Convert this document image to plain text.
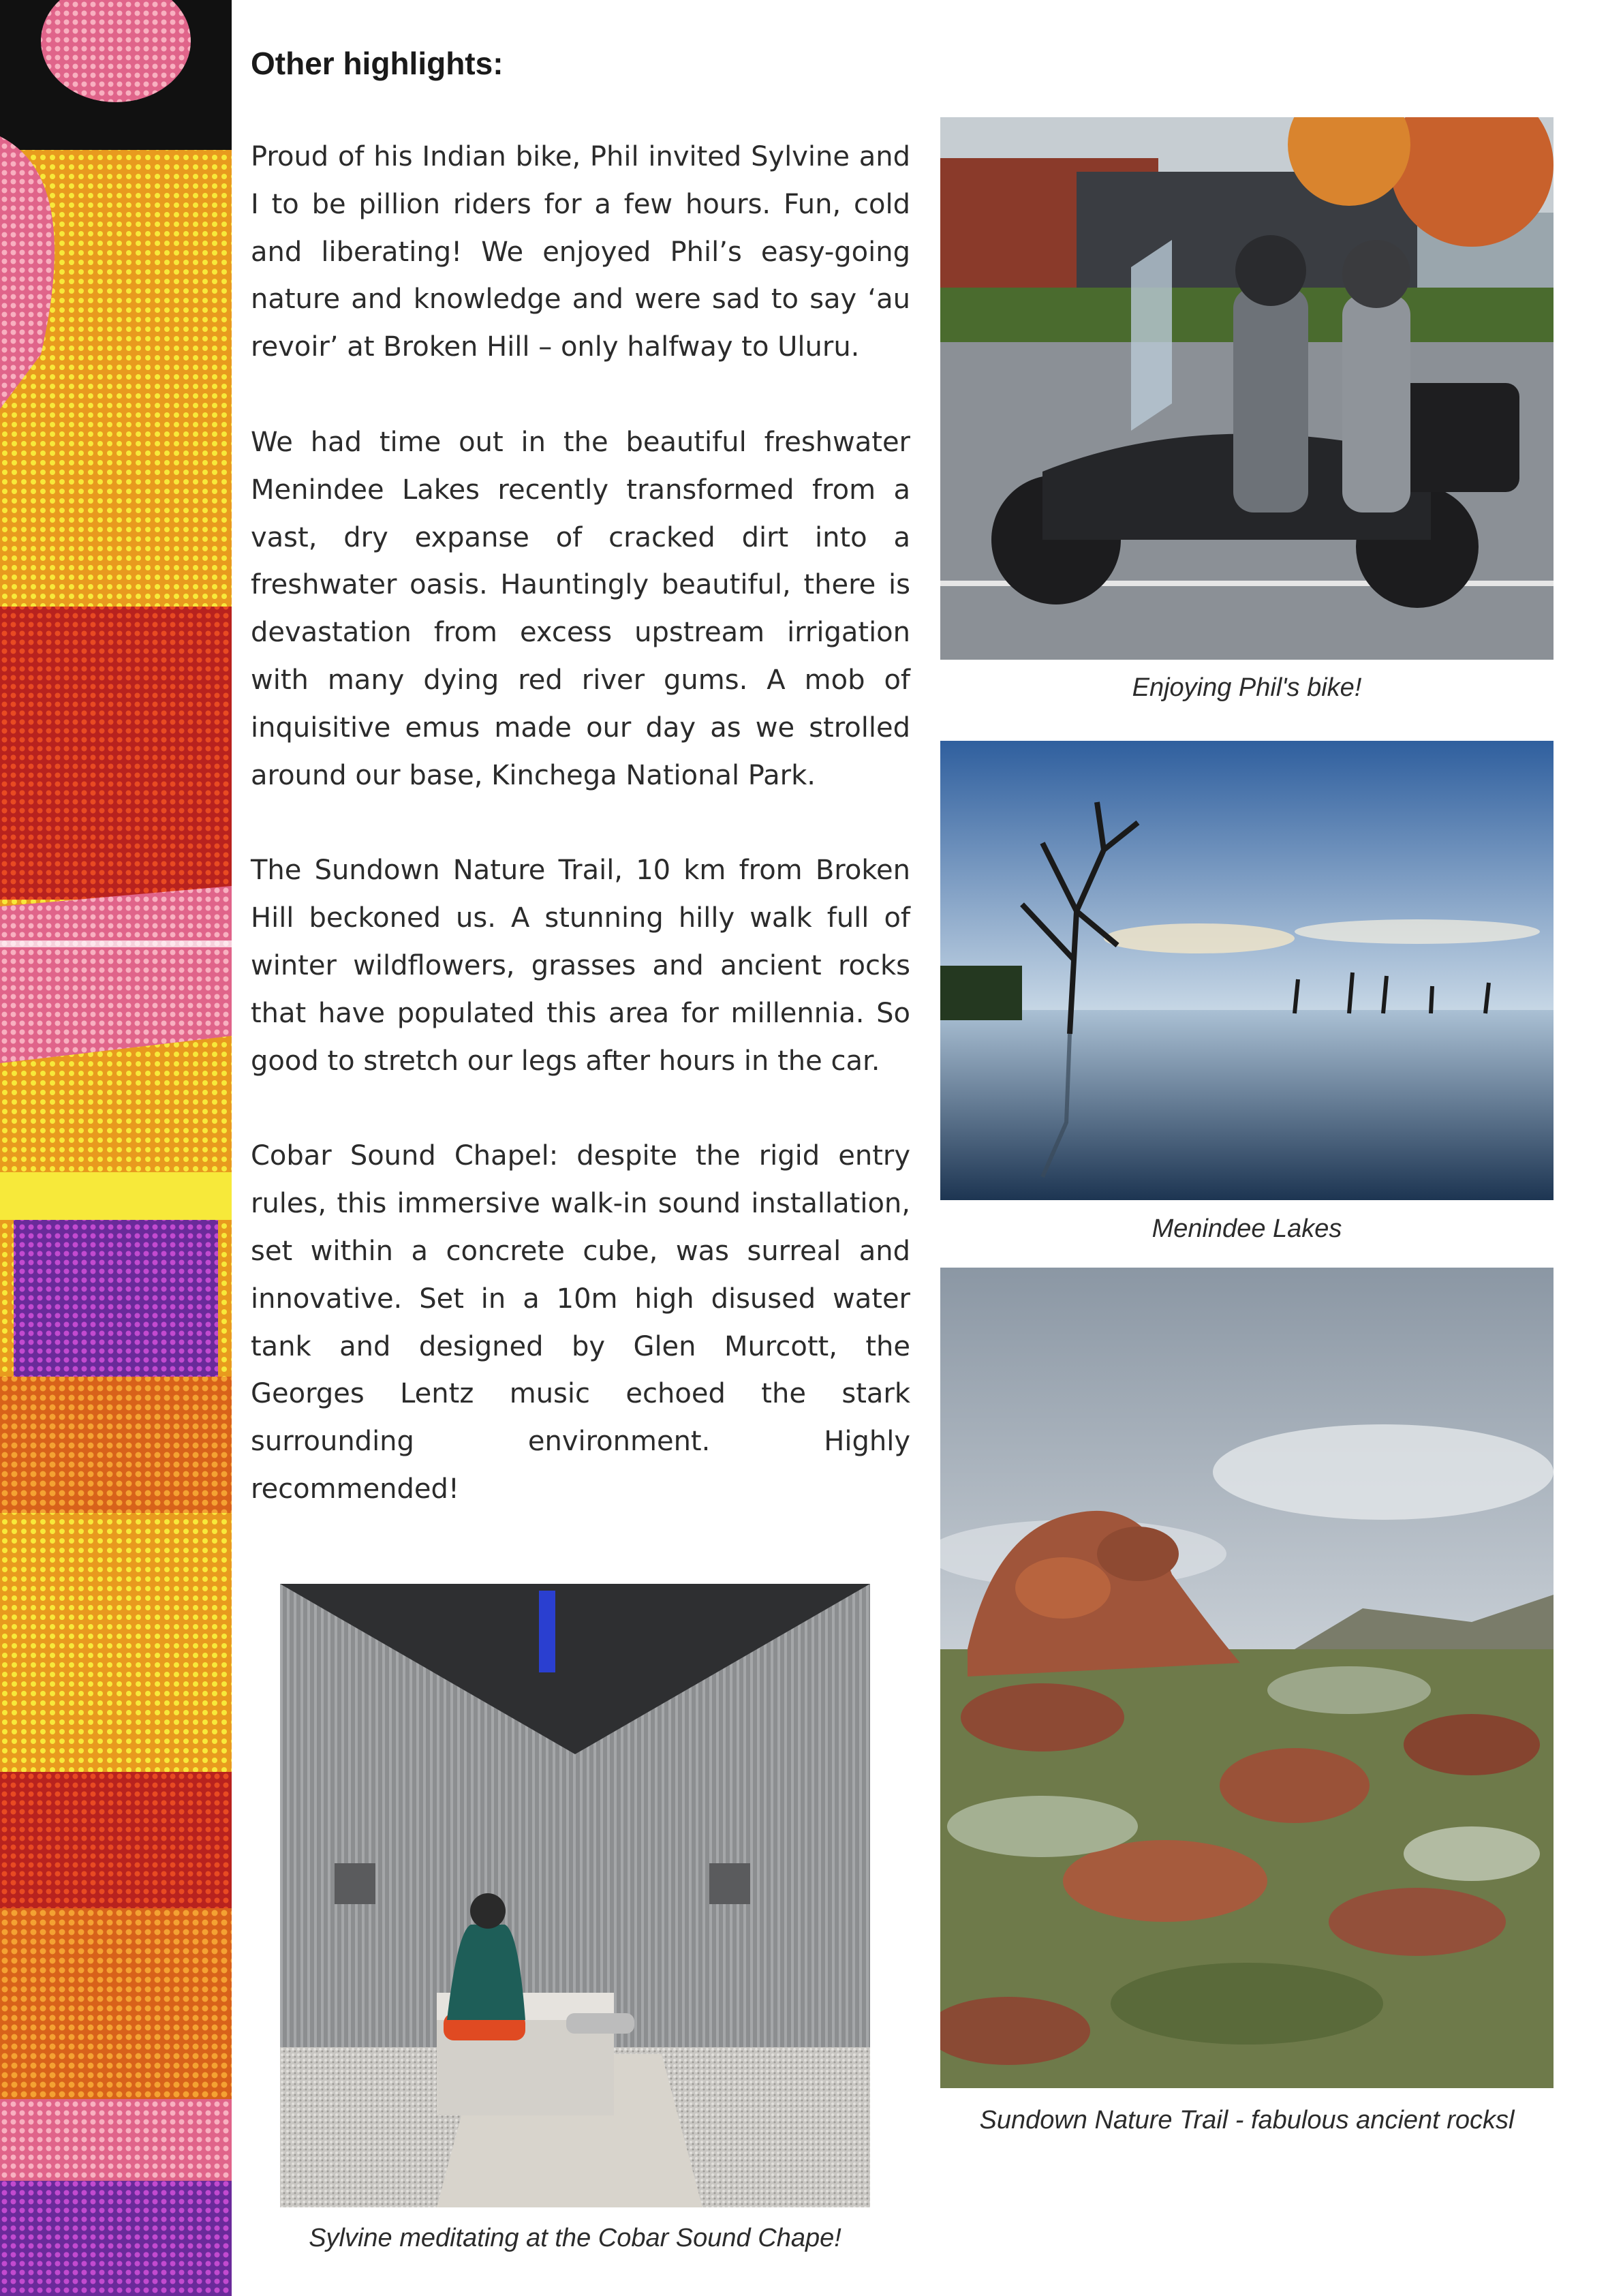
Other highlights:

Proud of his Indian bike, Phil invited Sylvine and I to be pillion riders for a few hours. Fun, cold and liberating! We enjoyed Phil’s easy-going nature and knowledge and were sad to say ‘au revoir’ at Broken Hill – only halfway to Uluru.

We had time out in the beautiful freshwater Menindee Lakes recently transformed from a vast, dry expanse of cracked dirt into a freshwater oasis. Hauntingly beautiful, there is devastation from excess upstream irrigation with many dying red river gums. A mob of inquisitive emus made our day as we strolled around our base, Kinchega National Park.

The Sundown Nature Trail, 10 km from Broken Hill beckoned us. A stunning hilly walk full of winter wildflowers, grasses and ancient rocks that have populated this area for millennia. So good to stretch our legs after hours in the car.

Cobar Sound Chapel: despite the rigid entry rules, this immersive walk-in sound installation, set within a concrete cube, was surreal and innovative. Set in a 10m high disused water tank and designed by Glen Murcott, the Georges Lentz music echoed the stark surrounding environment. Highly recommended!

Enjoying Phil's bike!
Menindee Lakes
Sundown Nature Trail - fabulous ancient rocksl
Sylvine meditating at the Cobar Sound Chape!
